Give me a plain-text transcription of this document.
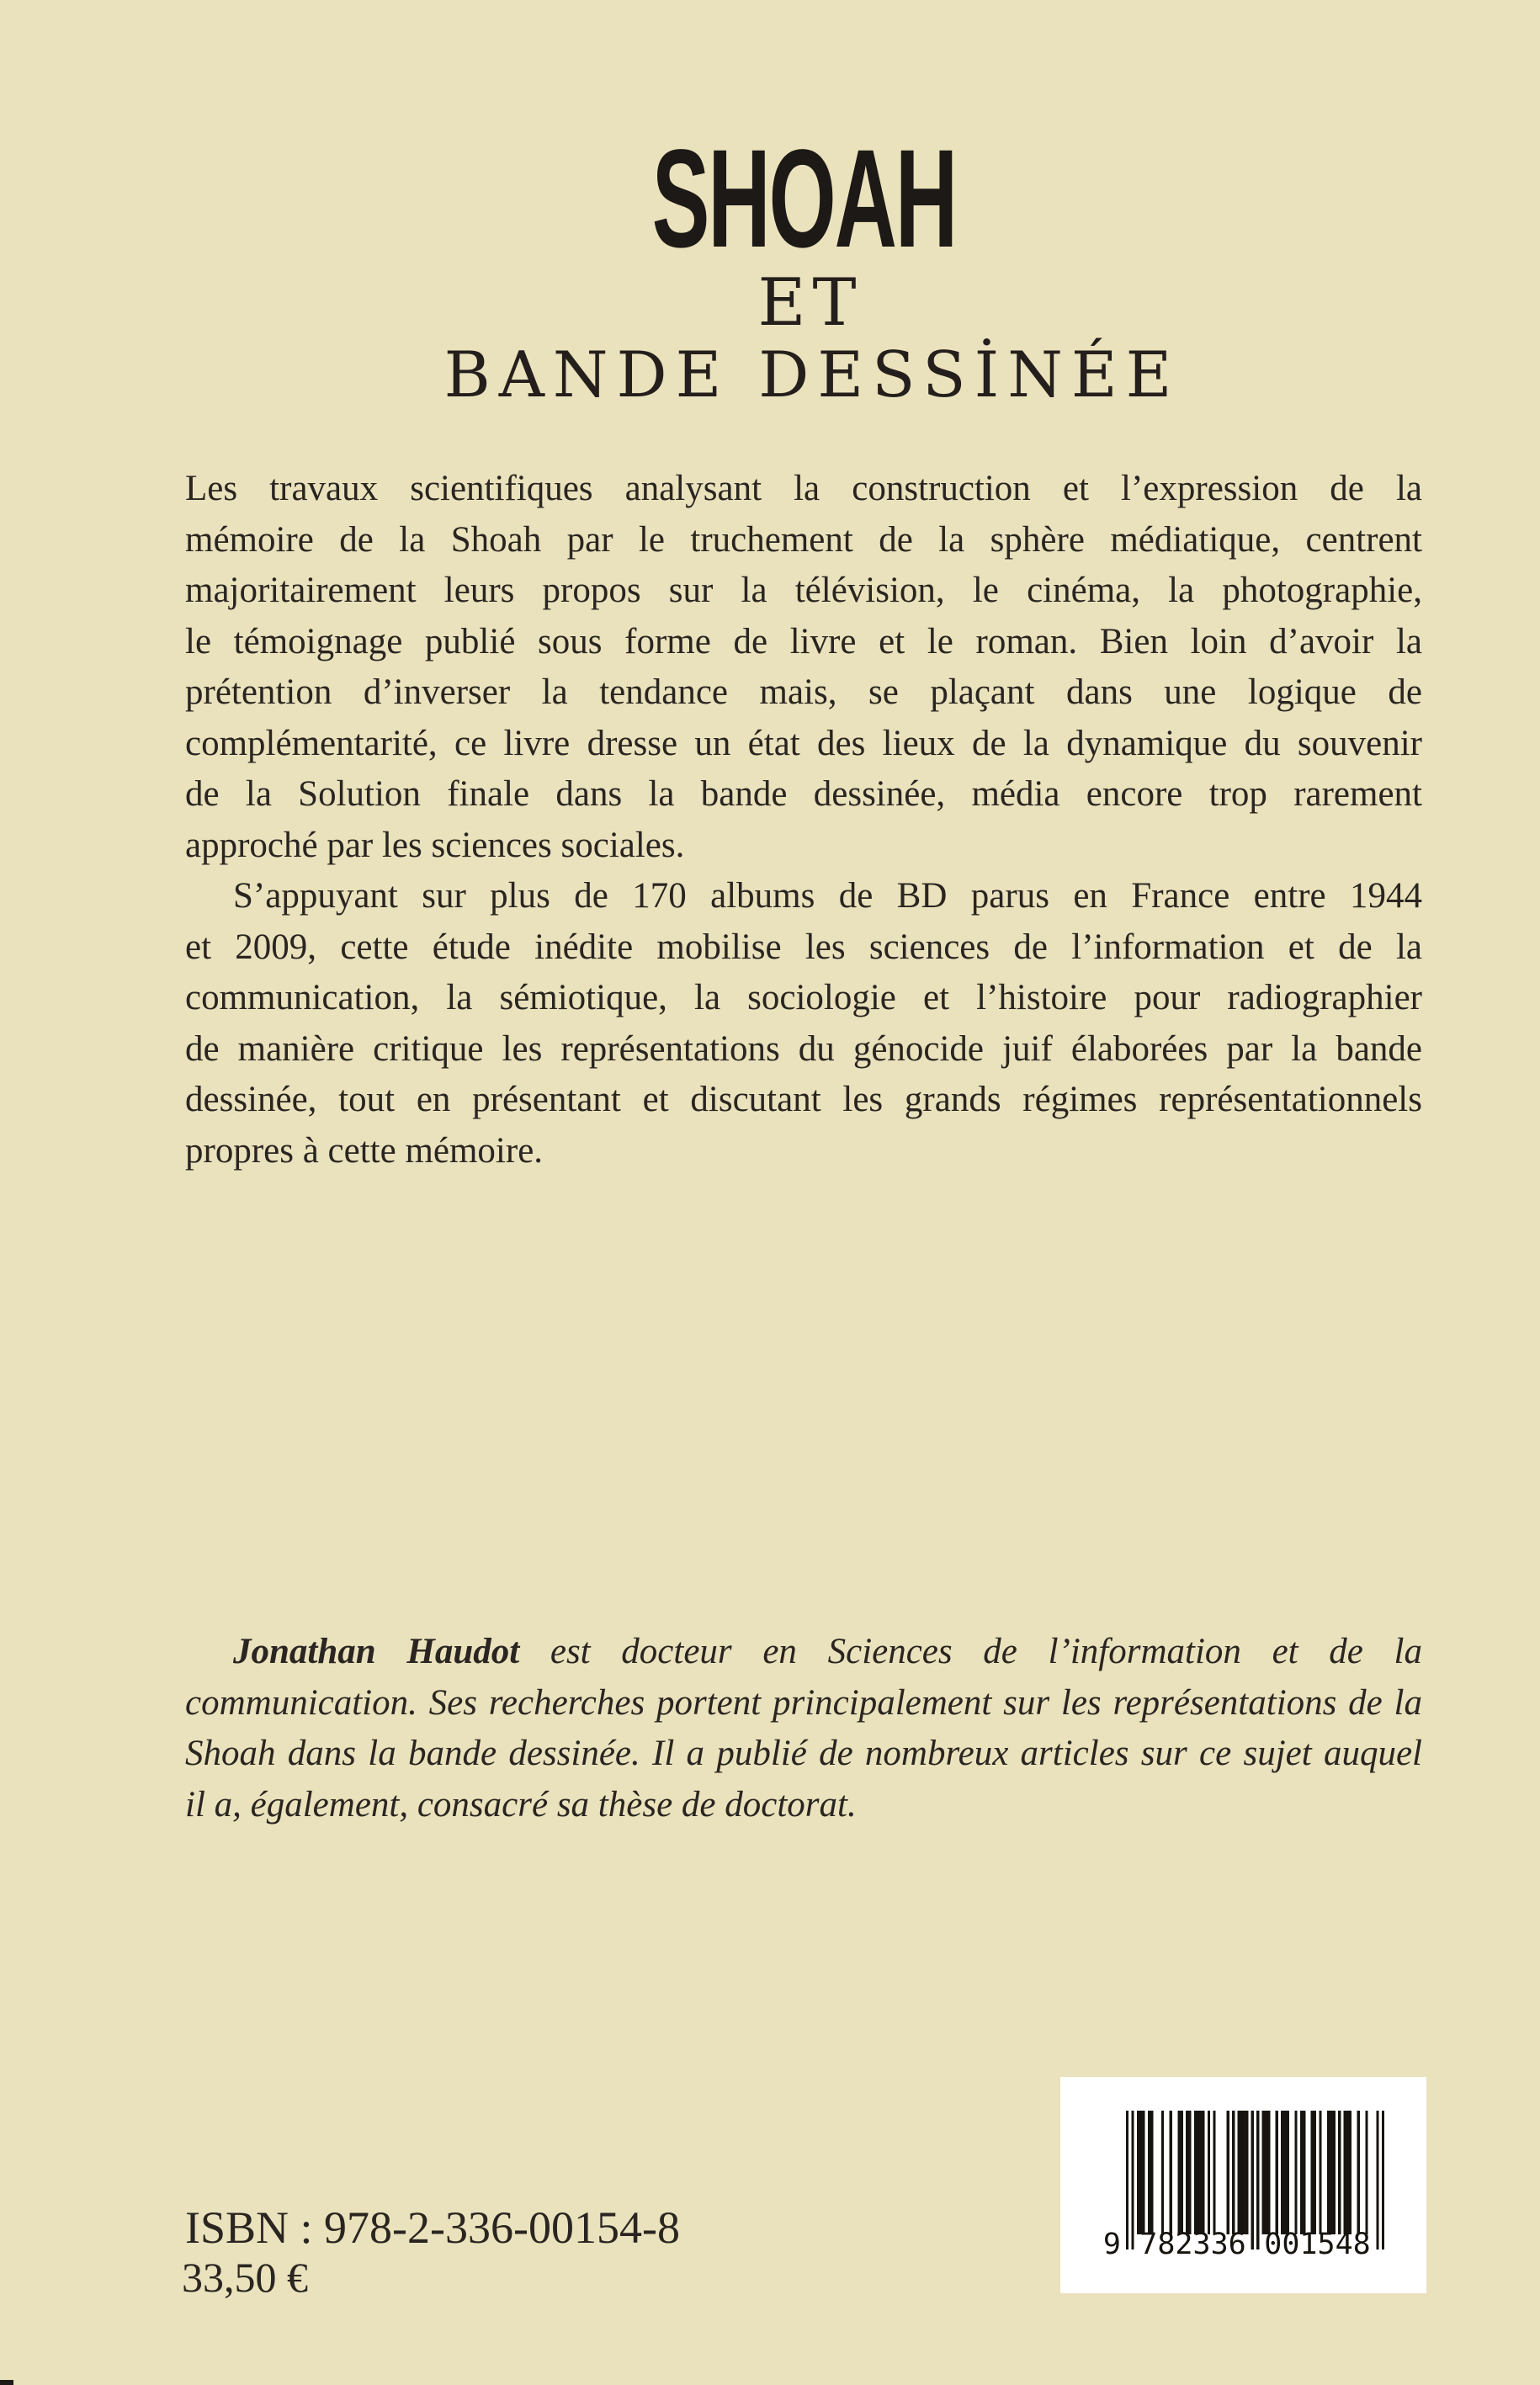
SHOAH
ET
BANDE DESSİNÉE
Les travaux scientifiques analysant la construction et l’expression de la
mémoire de la Shoah par le truchement de la sphère médiatique, centrent
majoritairement leurs propos sur la télévision, le cinéma, la photographie,
le témoignage publié sous forme de livre et le roman. Bien loin d’avoir la
prétention d’inverser la tendance mais, se plaçant dans une logique de
complémentarité, ce livre dresse un état des lieux de la dynamique du souvenir
de la Solution finale dans la bande dessinée, média encore trop rarement
approché par les sciences sociales.
S’appuyant sur plus de 170 albums de BD parus en France entre 1944
et 2009, cette étude inédite mobilise les sciences de l’information et de la
communication, la sémiotique, la sociologie et l’histoire pour radiographier
de manière critique les représentations du génocide juif élaborées par la bande
dessinée, tout en présentant et discutant les grands régimes représentationnels
propres à cette mémoire.
Jonathan Haudot est docteur en Sciences de l’information et de la
communication. Ses recherches portent principalement sur les représentations de la
Shoah dans la bande dessinée. Il a publié de nombreux articles sur ce sujet auquel
il a, également, consacré sa thèse de doctorat.
ISBN : 978-2-336-00154-8
33,50 €
9 782336 001548
